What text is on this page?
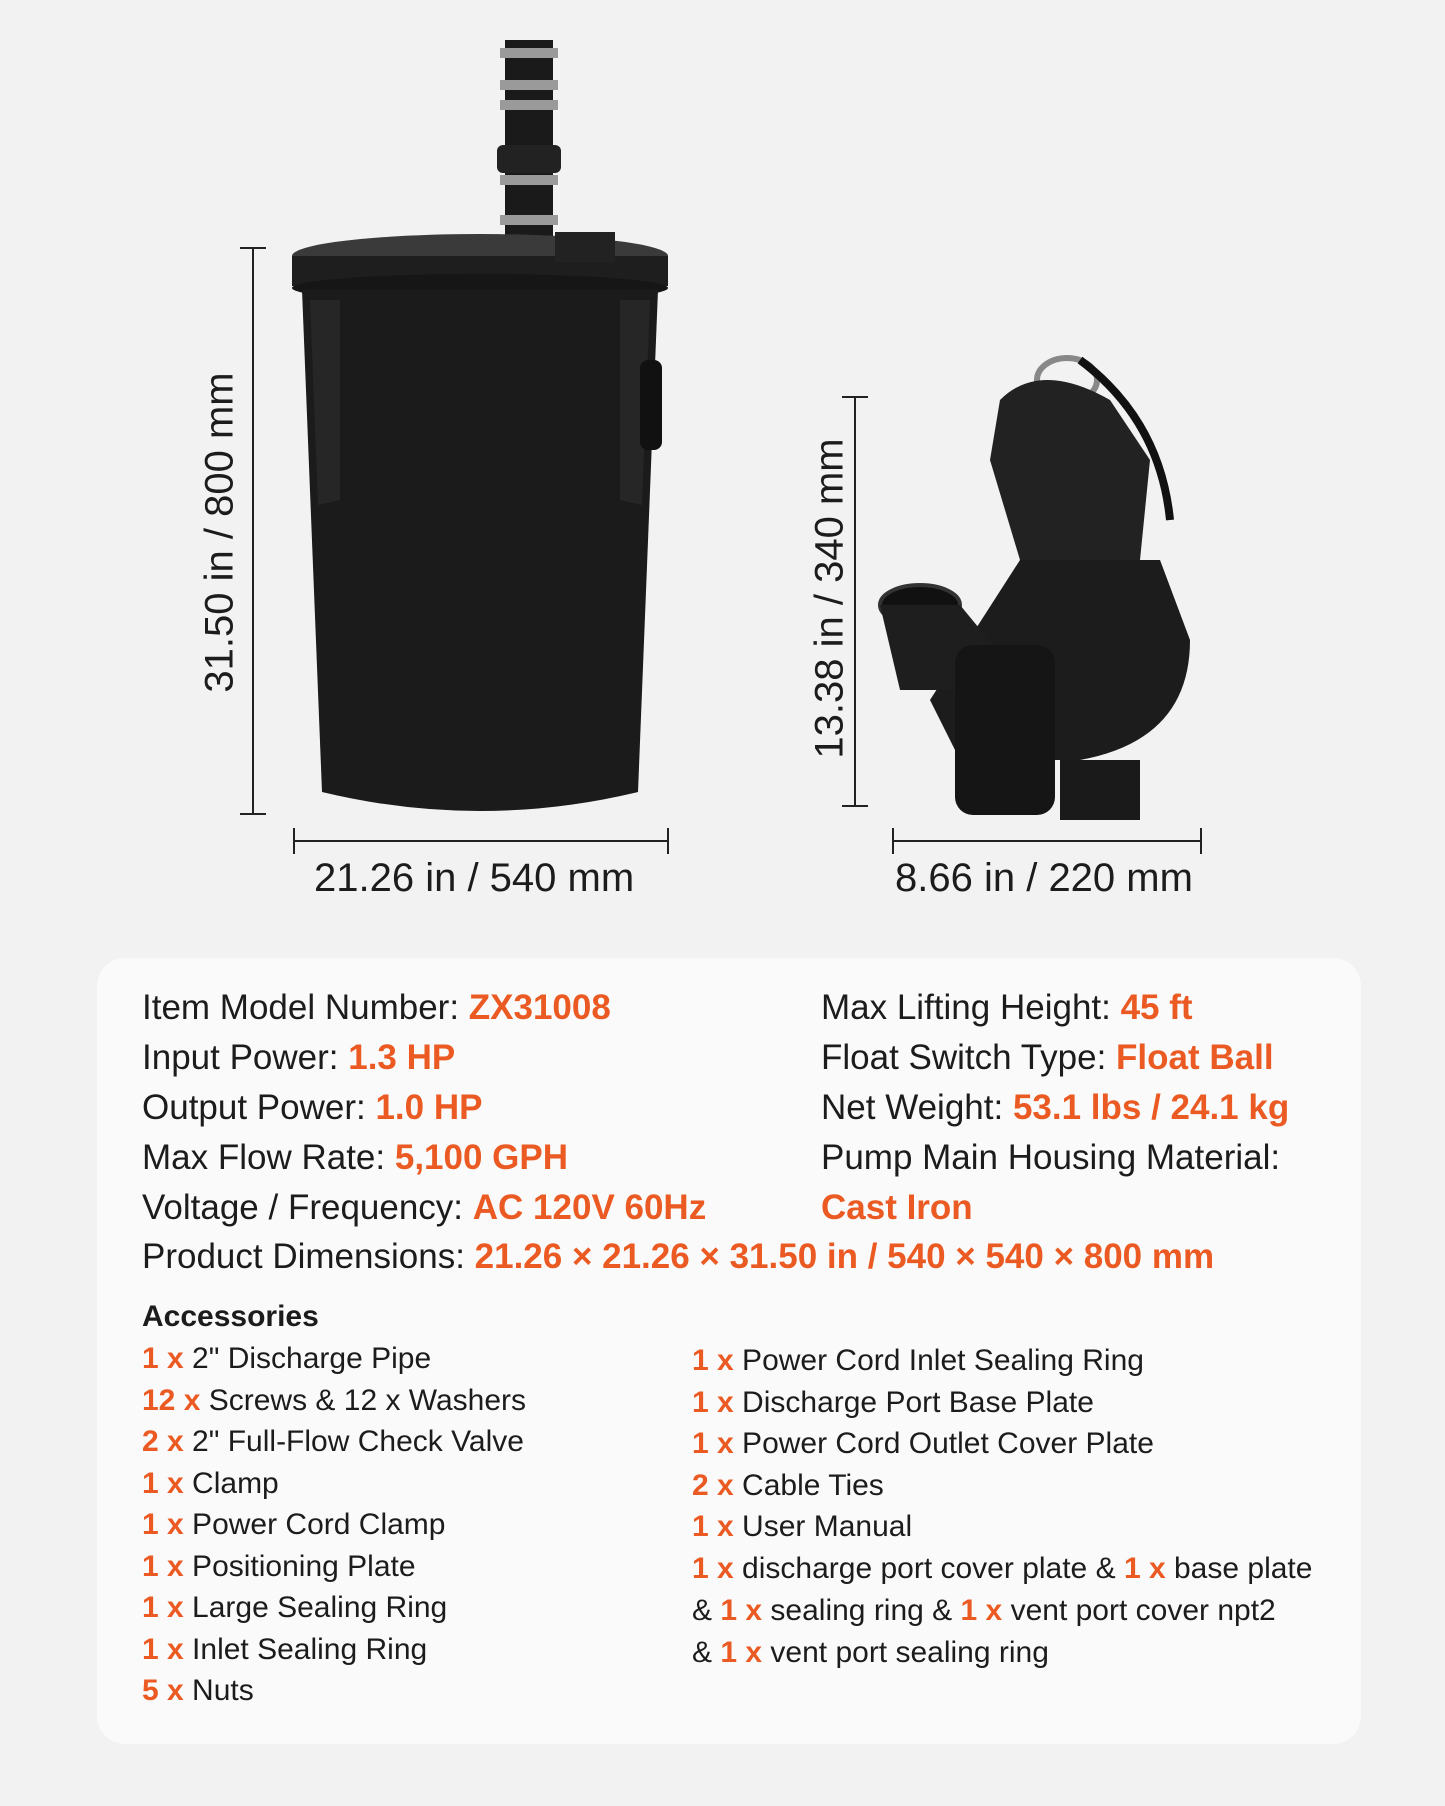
31.50 in / 800 mm
21.26 in / 540 mm
13.38 in / 340 mm
8.66 in / 220 mm
Item Model Number: ZX31008
Input Power: 1.3 HP
Output Power: 1.0 HP
Max Flow Rate: 5,100 GPH
Voltage / Frequency: AC 120V 60Hz
Product Dimensions: 21.26 × 21.26 × 31.50 in / 540 × 540 × 800 mm
Max Lifting Height: 45 ft
Float Switch Type: Float Ball
Net Weight: 53.1 lbs / 24.1 kg
Pump Main Housing Material:
Cast Iron
Accessories
1 x 2" Discharge Pipe
12 x Screws & 12 x Washers
2 x 2" Full-Flow Check Valve
1 x Clamp
1 x Power Cord Clamp
1 x Positioning Plate
1 x Large Sealing Ring
1 x Inlet Sealing Ring
5 x Nuts
1 x Power Cord Inlet Sealing Ring
1 x Discharge Port Base Plate
1 x Power Cord Outlet Cover Plate
2 x Cable Ties
1 x User Manual
1 x discharge port cover plate & 1 x base plate
& 1 x sealing ring & 1 x vent port cover npt2
& 1 x vent port sealing ring
